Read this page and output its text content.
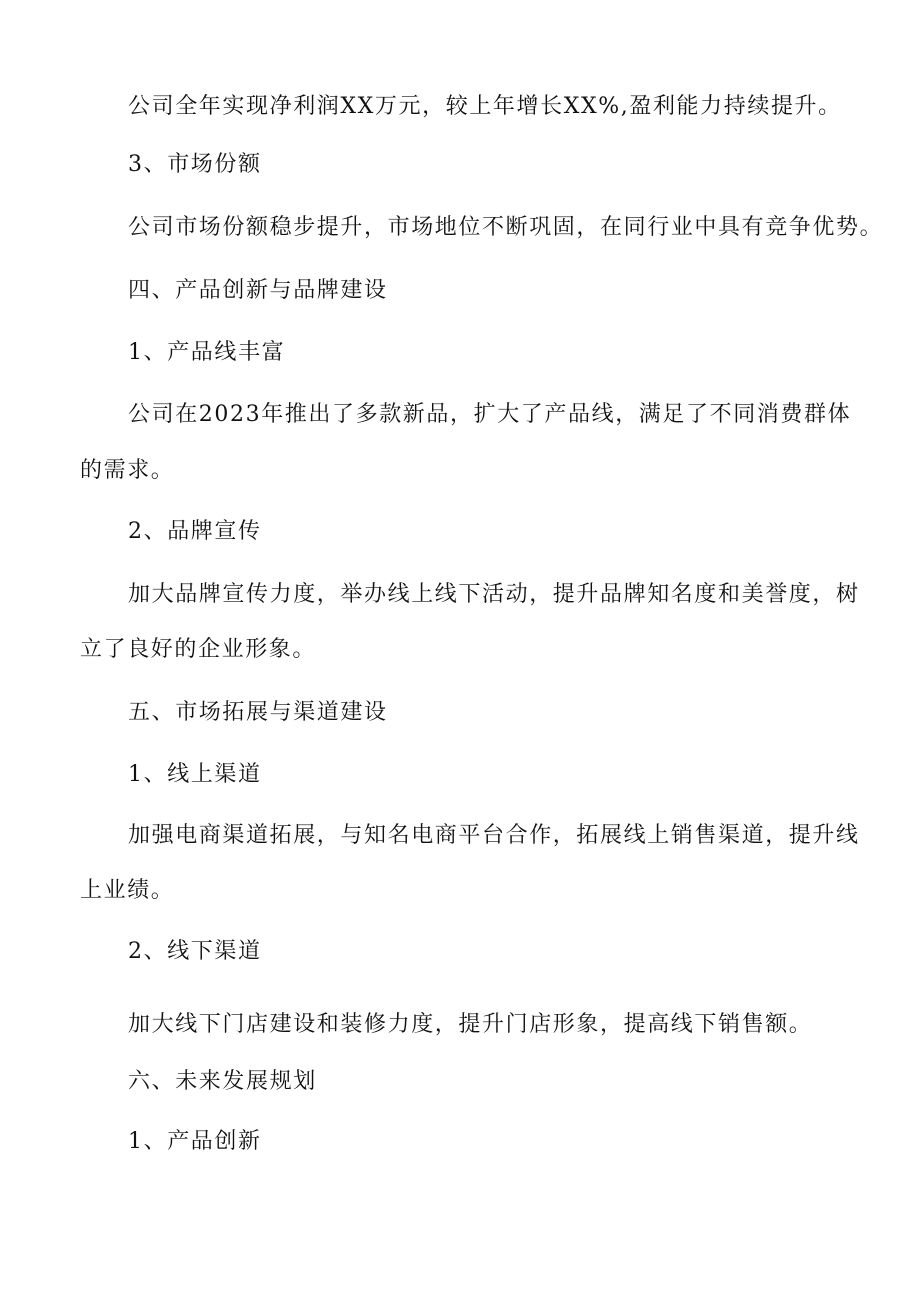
公司全年实现净利润XX万元，较上年增长XX%,盈利能力持续提升。
3、市场份额
公司市场份额稳步提升，市场地位不断巩固，在同行业中具有竞争优势。
四、产品创新与品牌建设
1、产品线丰富
公司在2023年推出了多款新品，扩大了产品线，满足了不同消费群体
的需求。
2、品牌宣传
加大品牌宣传力度，举办线上线下活动，提升品牌知名度和美誉度，树
立了良好的企业形象。
五、市场拓展与渠道建设
1、线上渠道
加强电商渠道拓展，与知名电商平台合作，拓展线上销售渠道，提升线
上业绩。
2、线下渠道
加大线下门店建设和装修力度，提升门店形象，提高线下销售额。
六、未来发展规划
1、产品创新
